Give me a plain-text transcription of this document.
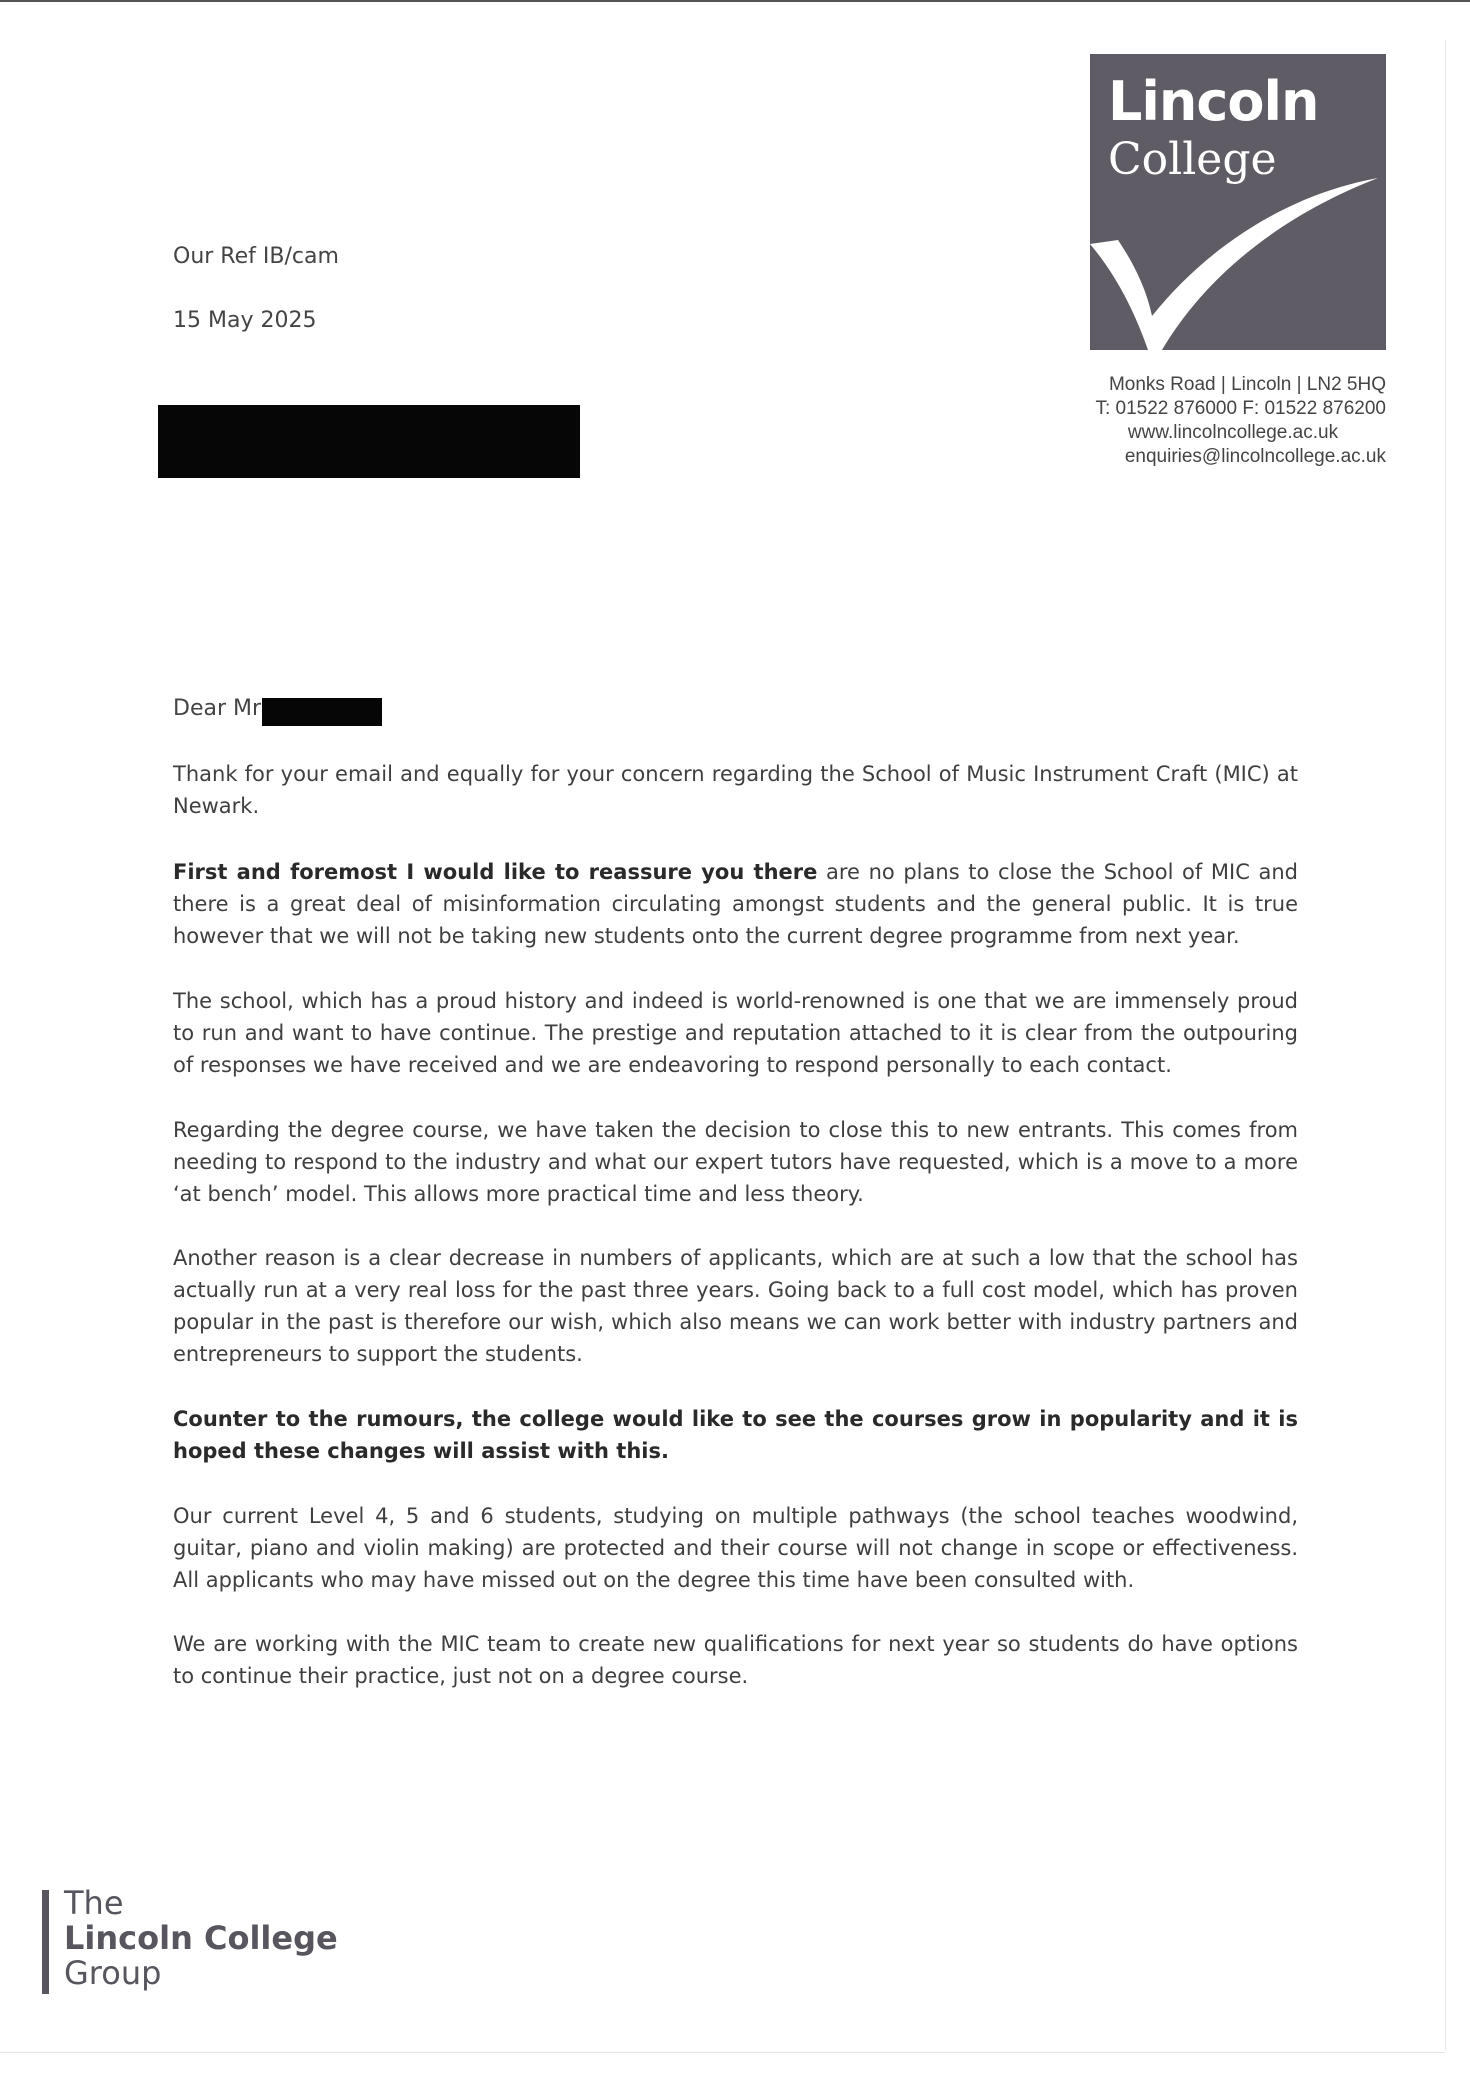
Lincoln
College
Monks Road | Lincoln | LN2 5HQ
T: 01522 876000 F: 01522 876200
www.lincolncollege.ac.uk
enquiries@lincolncollege.ac.uk
Our Ref IB/cam
15 May 2025
Dear Mr
Thank for your email and equally for your concern regarding the School of Music Instrument Craft (MIC) at Newark.
First and foremost I would like to reassure you there are no plans to close the School of MIC and there is a great deal of misinformation circulating amongst students and the general public. It is true however that we will not be taking new students onto the current degree programme from next year.
The school, which has a proud history and indeed is world-renowned is one that we are immensely proud to run and want to have continue. The prestige and reputation attached to it is clear from the outpouring of responses we have received and we are endeavoring to respond personally to each contact.
Regarding the degree course, we have taken the decision to close this to new entrants. This comes from needing to respond to the industry and what our expert tutors have requested, which is a move to a more ‘at bench’ model. This allows more practical time and less theory.
Another reason is a clear decrease in numbers of applicants, which are at such a low that the school has actually run at a very real loss for the past three years. Going back to a full cost model, which has proven popular in the past is therefore our wish, which also means we can work better with industry partners and entrepreneurs to support the students.
Counter to the rumours, the college would like to see the courses grow in popularity and it is hoped these changes will assist with this.
Our current Level 4, 5 and 6 students, studying on multiple pathways (the school teaches woodwind, guitar, piano and violin making) are protected and their course will not change in scope or effectiveness. All applicants who may have missed out on the degree this time have been consulted with.
We are working with the MIC team to create new qualifications for next year so students do have options to continue their practice, just not on a degree course.
The
Lincoln College
Group
